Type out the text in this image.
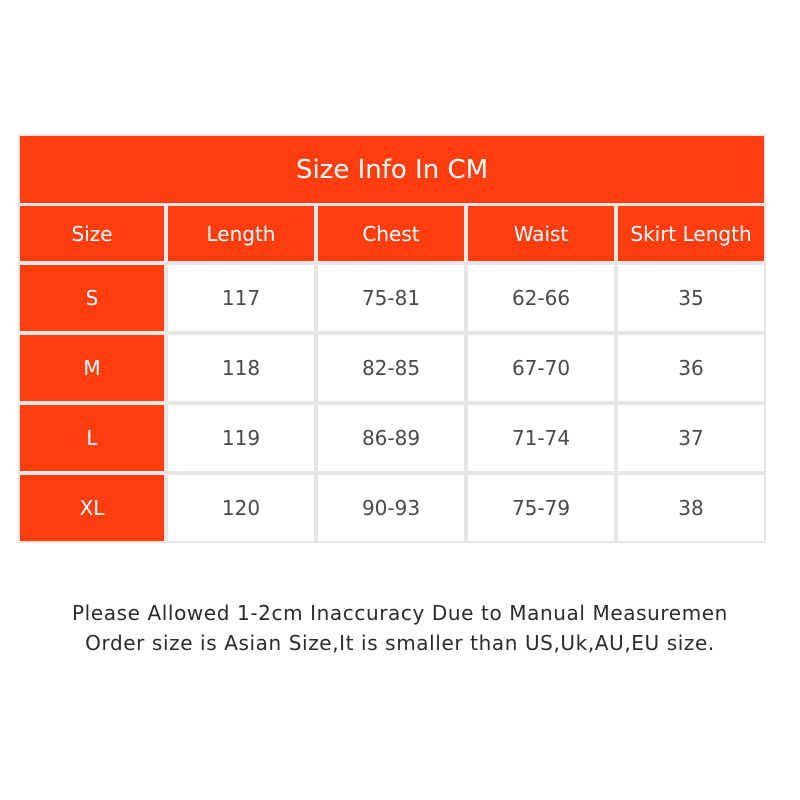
Size Info In CM
Size	Length	Chest	Waist	Skirt Length
S	117	75-81	62-66	35
M	118	82-85	67-70	36
L	119	86-89	71-74	37
XL	120	90-93	75-79	38
Please Allowed 1-2cm Inaccuracy Due to Manual Measuremen
Order size is Asian Size,It is smaller than US,Uk,AU,EU size.
